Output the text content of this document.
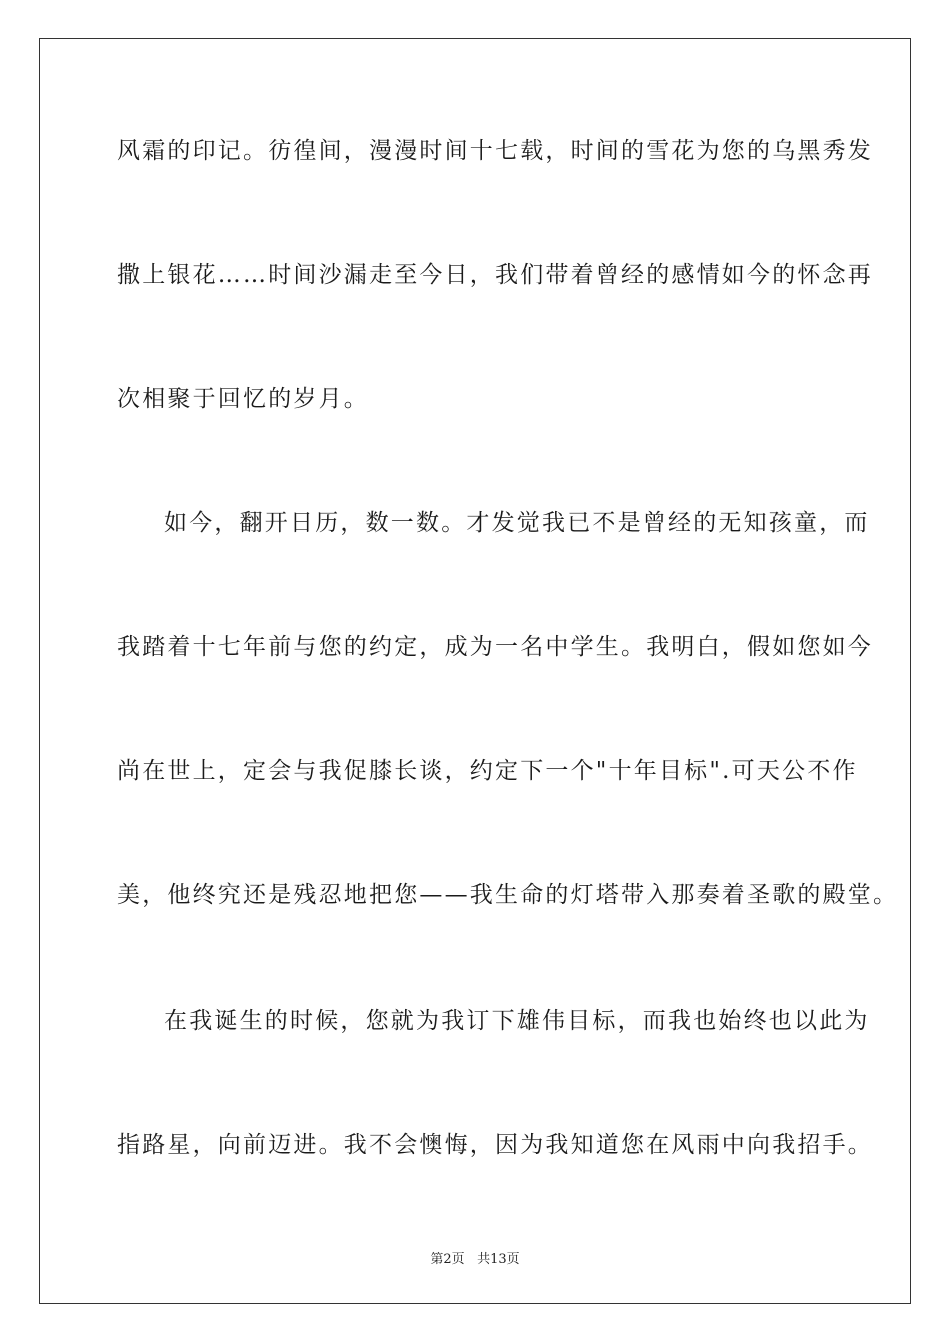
风霜的印记。彷徨间，漫漫时间十七载，时间的雪花为您的乌黑秀发
撒上银花……时间沙漏走至今日，我们带着曾经的感情如今的怀念再
次相聚于回忆的岁月。
如今，翻开日历，数一数。才发觉我已不是曾经的无知孩童，而
我踏着十七年前与您的约定，成为一名中学生。我明白，假如您如今
尚在世上，定会与我促膝长谈，约定下一个"十年目标".可天公不作
美，他终究还是残忍地把您——我生命的灯塔带入那奏着圣歌的殿堂。
在我诞生的时候，您就为我订下雄伟目标，而我也始终也以此为
指路星，向前迈进。我不会懊悔，因为我知道您在风雨中向我招手。
第2页 共13页
